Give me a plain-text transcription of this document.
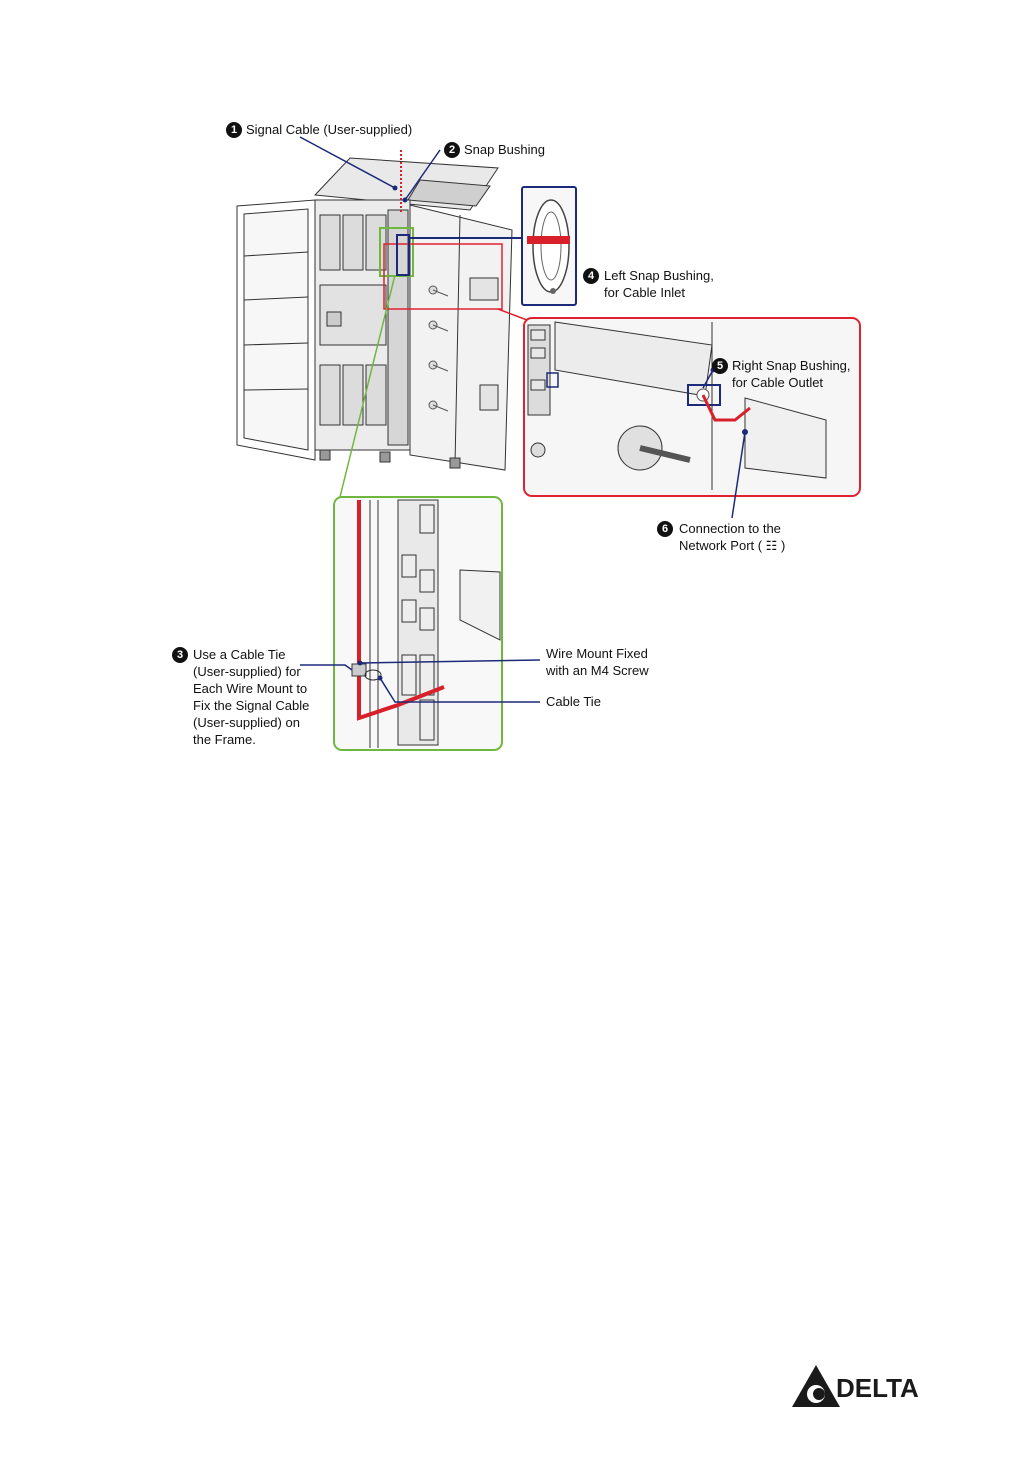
1 Signal Cable (User-supplied)
2 Snap Bushing
4 Left Snap Bushing,
for Cable Inlet
5 Right Snap Bushing,
for Cable Outlet
6 Connection to the
Network Port ( ☷ )
3 Use a Cable Tie
(User-supplied) for
Each Wire Mount to
Fix the Signal Cable
(User-supplied) on
the Frame.
Wire Mount Fixed
with an M4 Screw
Cable Tie
DELTA
